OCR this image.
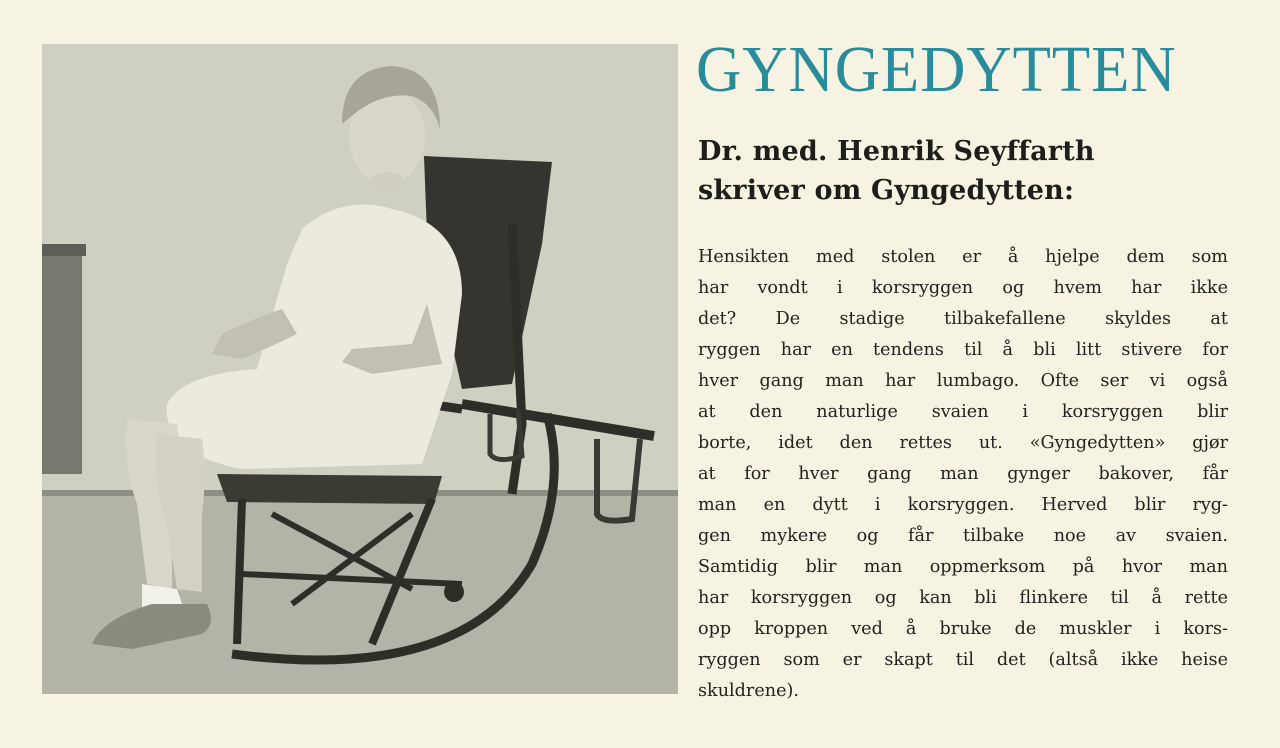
GYNGEDYTTEN
Dr. med. Henrik Seyffarth
skriver om Gyngedytten:

Hensikten med stolen er å hjelpe dem som
har vondt i korsryggen og hvem har ikke
det? De stadige tilbakefallene skyldes at
ryggen har en tendens til å bli litt stivere for
hver gang man har lumbago. Ofte ser vi også
at den naturlige svaien i korsryggen blir
borte, idet den rettes ut. «Gyngedytten» gjør
at for hver gang man gynger bakover, får
man en dytt i korsryggen. Herved blir ryg-
gen mykere og får tilbake noe av svaien.
Samtidig blir man oppmerksom på hvor man
har korsryggen og kan bli flinkere til å rette
opp kroppen ved å bruke de muskler i kors-
ryggen som er skapt til det (altså ikke heise
skuldrene).
